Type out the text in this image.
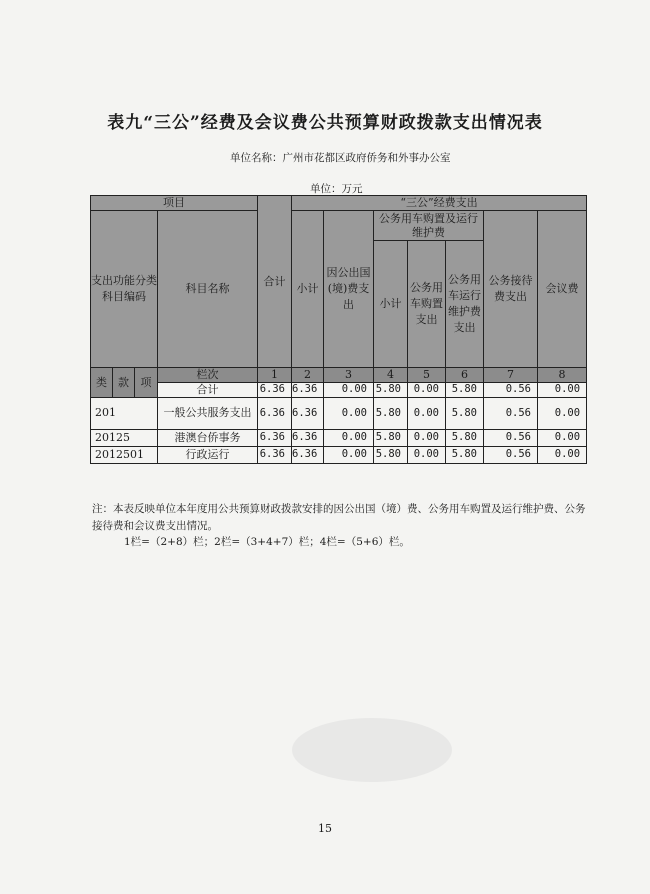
表九“三公”经费及会议费公共预算财政拨款支出情况表
单位名称：广州市花都区政府侨务和外事办公室
单位：万元
项目				合计	“三公”经费支出						
支出功能分类科目编码			科目名称		小计	因公出国(境)费支出	公务用车购置及运行维护费			公务接待费支出	会议费
							小计	公务用车购置支出	公务用车运行维护费支出		
类	款	项	栏次	1	2	3	4	5	6	7	8
			合计	6.36	6.36	0.00	5.80	0.00	5.80	0.56	0.00
201			一般公共服务支出	6.36	6.36	0.00	5.80	0.00	5.80	0.56	0.00
20125			港澳台侨事务	6.36	6.36	0.00	5.80	0.00	5.80	0.56	0.00
2012501			行政运行	6.36	6.36	0.00	5.80	0.00	5.80	0.56	0.00
注：本表反映单位本年度用公共预算财政拨款安排的因公出国（境）费、公务用车购置及运行维护费、公务接待费和会议费支出情况。
1栏=（2+8）栏；2栏=（3+4+7）栏；4栏=（5+6）栏。
15
